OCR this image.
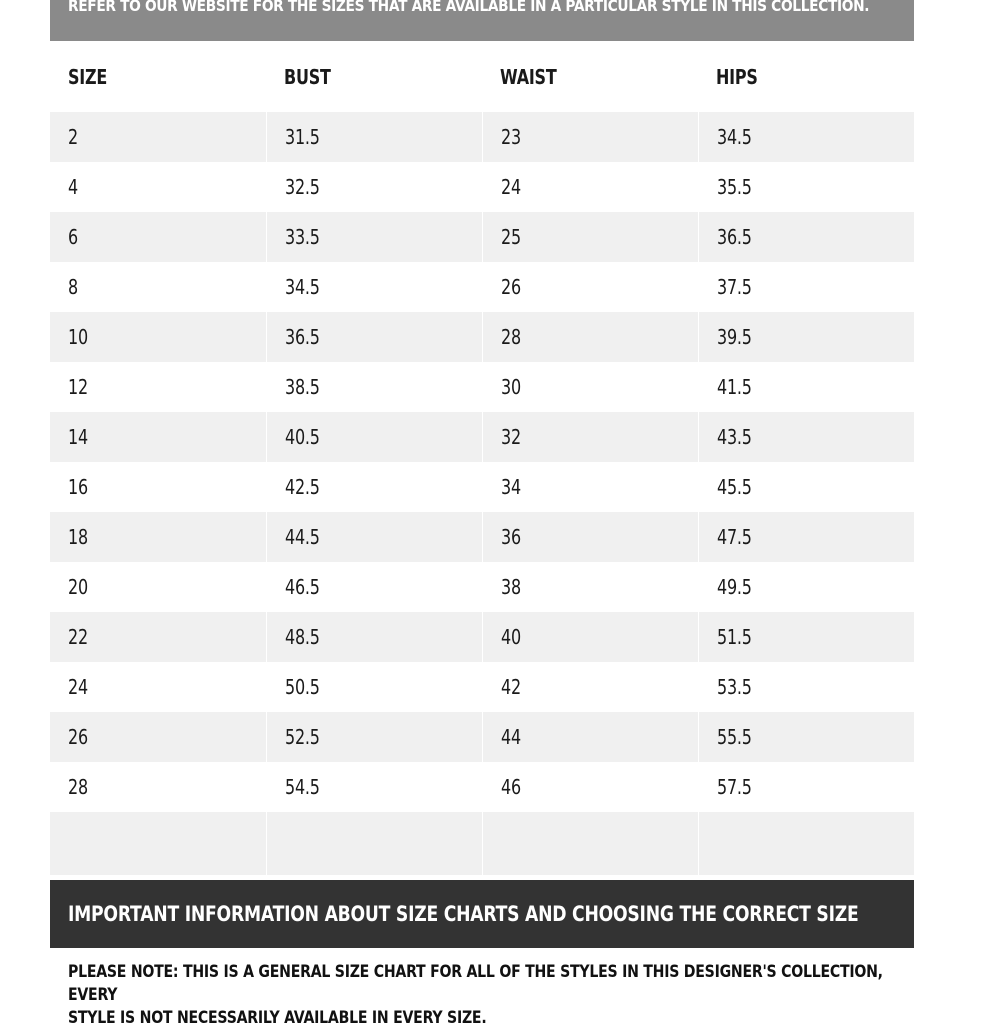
REFER TO OUR WEBSITE FOR THE SIZES THAT ARE AVAILABLE IN A PARTICULAR STYLE IN THIS COLLECTION.
SIZE	BUST	WAIST	HIPS
2	31.5	23	34.5
4	32.5	24	35.5
6	33.5	25	36.5
8	34.5	26	37.5
10	36.5	28	39.5
12	38.5	30	41.5
14	40.5	32	43.5
16	42.5	34	45.5
18	44.5	36	47.5
20	46.5	38	49.5
22	48.5	40	51.5
24	50.5	42	53.5
26	52.5	44	55.5
28	54.5	46	57.5

IMPORTANT INFORMATION ABOUT SIZE CHARTS AND CHOOSING THE CORRECT SIZE
PLEASE NOTE: THIS IS A GENERAL SIZE CHART FOR ALL OF THE STYLES IN THIS DESIGNER'S COLLECTION, EVERY
STYLE IS NOT NECESSARILY AVAILABLE IN EVERY SIZE.
